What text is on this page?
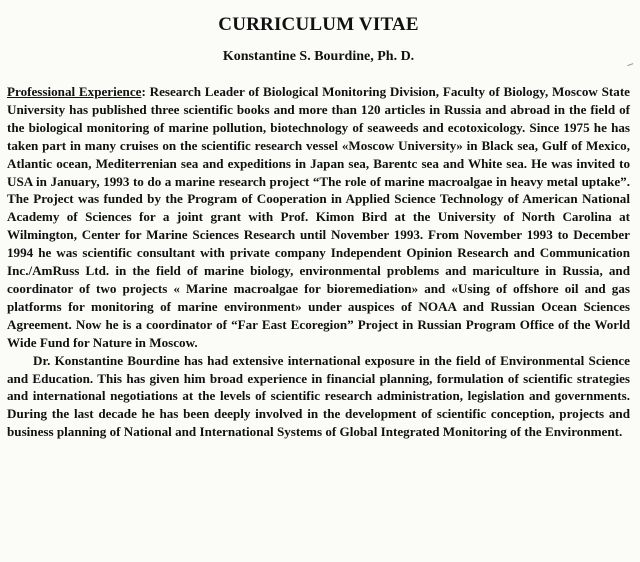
CURRICULUM VITAE
Konstantine S. Bourdine, Ph. D.

Professional Experience: Research Leader of Biological Monitoring Division, Faculty of Biology, Moscow State University has published three scientific books and more than 120 articles in Russia and abroad in the field of the biological monitoring of marine pollution, biotechnology of seaweeds and ecotoxicology. Since 1975 he has taken part in many cruises on the scientific research vessel «Moscow University» in Black sea, Gulf of Mexico, Atlantic ocean, Mediterrenian sea and expeditions in Japan sea, Barentc sea and White sea. He was invited to USA in January, 1993 to do a marine research project “The role of marine macroalgae in heavy metal uptake”. The Project was funded by the Program of Cooperation in Applied Science Technology of American National Academy of Sciences for a joint grant with Prof. Kimon Bird at the University of North Carolina at Wilmington, Center for Marine Sciences Research until November 1993. From November 1993 to December 1994 he was scientific consultant with private company Independent Opinion Research and Communication Inc./AmRuss Ltd. in the field of marine biology, environmental problems and mariculture in Russia, and coordinator of two projects « Marine macroalgae for bioremediation» and «Using of offshore oil and gas platforms for monitoring of marine environment» under auspices of NOAA and Russian Ocean Sciences Agreement. Now he is a coordinator of “Far East Ecoregion” Project in Russian Program Office of the World Wide Fund for Nature in Moscow.

Dr. Konstantine Bourdine has had extensive international exposure in the field of Environmental Science and Education. This has given him broad experience in financial planning, formulation of scientific strategies and international negotiations at the levels of scientific research administration, legislation and governments. During the last decade he has been deeply involved in the development of scientific conception, projects and business planning of National and International Systems of Global Integrated Monitoring of the Environment.
